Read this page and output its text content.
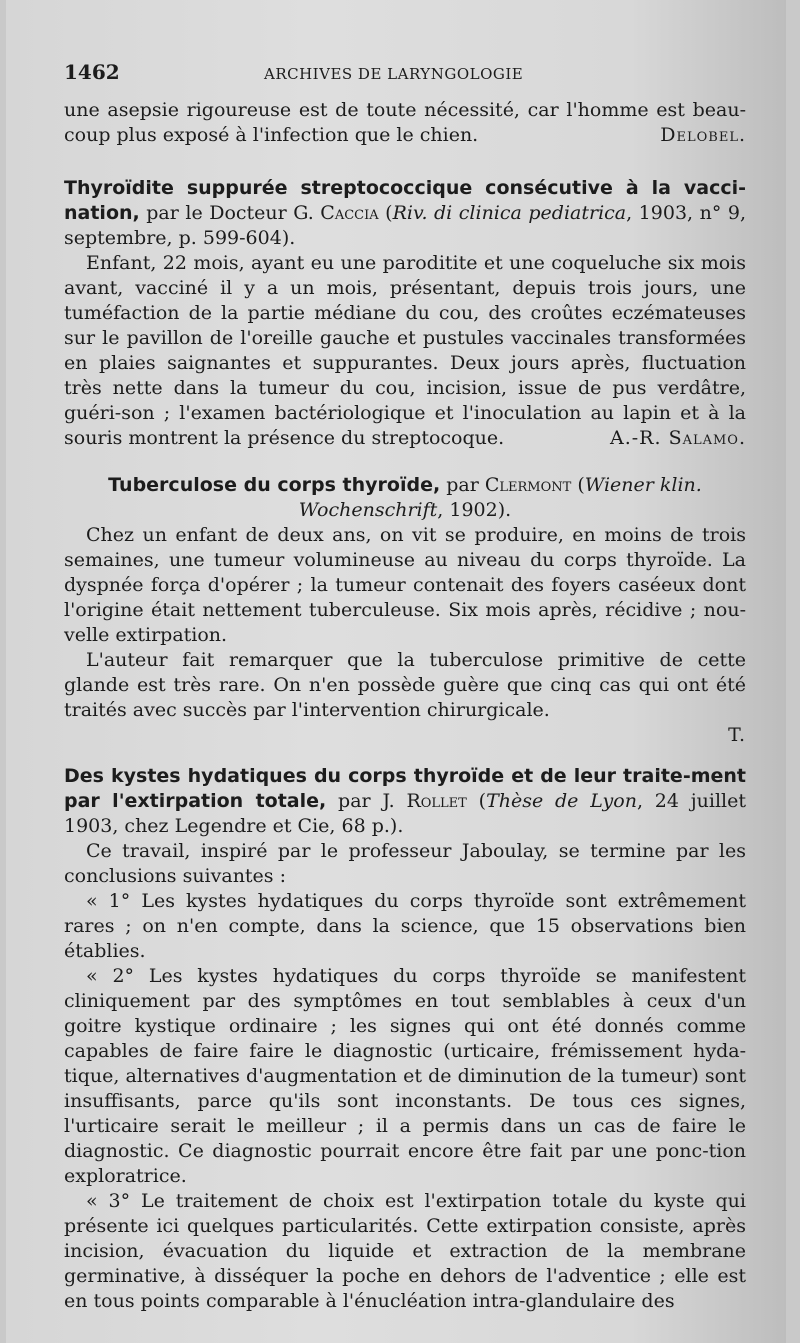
1462	ARCHIVES DE LARYNGOLOGIE

une asepsie rigoureuse est de toute nécessité, car l'homme est beau-coup plus exposé à l'infection que le chien.	Delobel.

Thyroïdite suppurée streptococcique consécutive à la vacci-nation, par le Docteur G. Caccia (Riv. di clinica pediatrica, 1903, n° 9, septembre, p. 599-604).

Enfant, 22 mois, ayant eu une paroditite et une coqueluche six mois avant, vacciné il y a un mois, présentant, depuis trois jours, une tuméfaction de la partie médiane du cou, des croûtes eczémateuses sur le pavillon de l'oreille gauche et pustules vaccinales transformées en plaies saignantes et suppurantes. Deux jours après, fluctuation très nette dans la tumeur du cou, incision, issue de pus verdâtre, guéri-son ; l'examen bactériologique et l'inoculation au lapin et à la souris montrent la présence du streptocoque.	A.-R. Salamo.

Tuberculose du corps thyroïde, par Clermont (Wiener klin. Wochenschrift, 1902).

Chez un enfant de deux ans, on vit se produire, en moins de trois semaines, une tumeur volumineuse au niveau du corps thyroïde. La dyspnée força d'opérer ; la tumeur contenait des foyers caséeux dont l'origine était nettement tuberculeuse. Six mois après, récidive ; nou-velle extirpation.

L'auteur fait remarquer que la tuberculose primitive de cette glande est très rare. On n'en possède guère que cinq cas qui ont été traités avec succès par l'intervention chirurgicale.

T.

Des kystes hydatiques du corps thyroïde et de leur traite-ment par l'extirpation totale, par J. Rollet (Thèse de Lyon, 24 juillet 1903, chez Legendre et Cie, 68 p.).

Ce travail, inspiré par le professeur Jaboulay, se termine par les conclusions suivantes :

« 1° Les kystes hydatiques du corps thyroïde sont extrêmement rares ; on n'en compte, dans la science, que 15 observations bien établies.

« 2° Les kystes hydatiques du corps thyroïde se manifestent cliniquement par des symptômes en tout semblables à ceux d'un goitre kystique ordinaire ; les signes qui ont été donnés comme capables de faire faire le diagnostic (urticaire, frémissement hyda-tique, alternatives d'augmentation et de diminution de la tumeur) sont insuffisants, parce qu'ils sont inconstants. De tous ces signes, l'urticaire serait le meilleur ; il a permis dans un cas de faire le diagnostic. Ce diagnostic pourrait encore être fait par une ponc-tion exploratrice.

« 3° Le traitement de choix est l'extirpation totale du kyste qui présente ici quelques particularités. Cette extirpation consiste, après incision, évacuation du liquide et extraction de la membrane germinative, à disséquer la poche en dehors de l'adventice ; elle est en tous points comparable à l'énucléation intra-glandulaire des
